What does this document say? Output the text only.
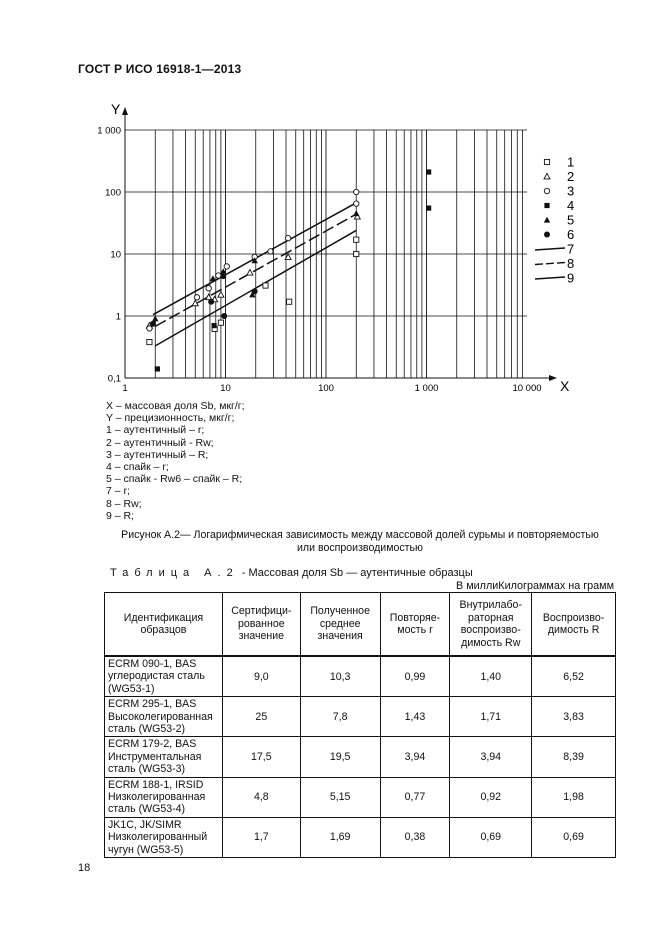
ГОСТ Р ИСО 16918-1—2013
X
Y
1	10	100	1 000	10 000
0,1
1
10
100
1 000
1
2
3
4
5
6
7
8
9
X – массовая доля Sb, мкг/г;
Y – прецизионность, мкг/г;
1 – аутентичный – r;
2 – аутентичный - Rw;
3 – аутентичный – R;
4 – спайк – r;
5 – спайк - Rw6 – спайк – R;
7 – r;
8 – Rw;
9 – R;
Рисунок А.2— Логарифмическая зависимость между массовой долей сурьмы и повторяемостью
или воспроизводимостью
Таблица А.2 - Массовая доля Sb — аутентичные образцы
В миллиКилограммах на грамм
Идентификация образцов	Сертифици-рованное значение	Полученное среднее значения	Повторяе-мость r	Внутрилабо-раторная воспроизво-димость Rw	Воспроизво-димость R

ECRM 090-1, BAS
углеродистая сталь
(WG53-1)	9,0	10,3	0,99	1,40	6,52

ECRM 295-1, BAS
Высоколегированная
сталь (WG53-2)	25	7,8	1,43	1,71	3,83

ECRM 179-2, BAS
Инструментальная
сталь (WG53-3)	17,5	19,5	3,94	3,94	8,39

ECRM 188-1, IRSID
Низколегированная
сталь (WG53-4)	4,8	5,15	0,77	0,92	1,98

JK1C, JK/SIMR
Низколегированный
чугун (WG53-5)	1,7	1,69	0,38	0,69	0,69
18
